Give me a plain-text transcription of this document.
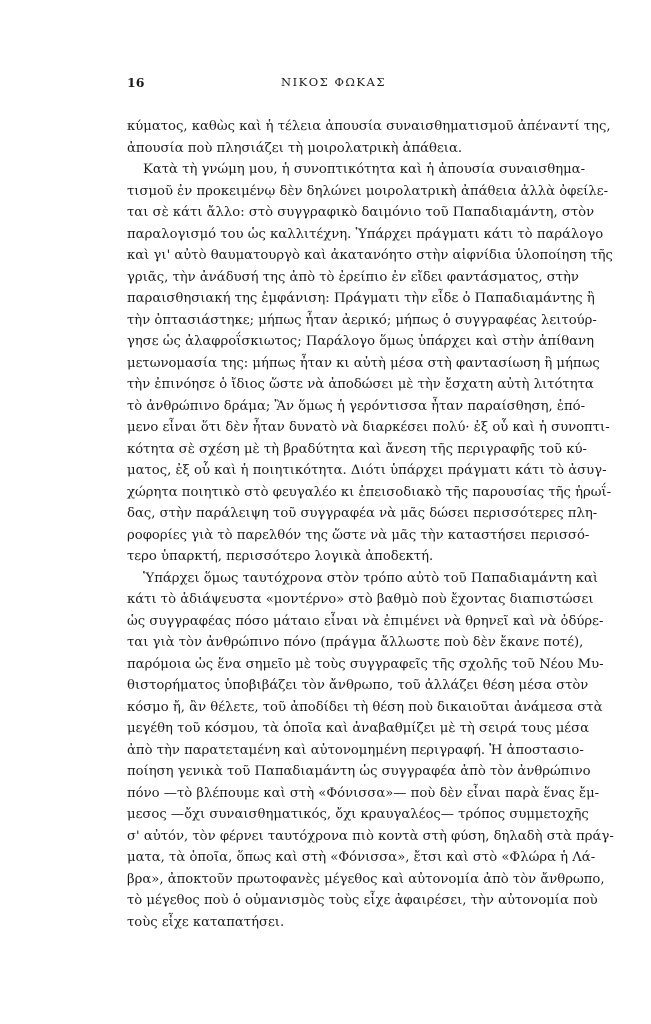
16	ΝΙΚΟΣ ΦΩΚΑΣ
κύματος, καθὼς καὶ ἡ τέλεια ἀπουσία συναισθηματισμοῦ ἀπέναντί της,
ἀπουσία ποὺ πλησιάζει τὴ μοιρολατρικὴ ἀπάθεια.
Κατὰ τὴ γνώμη μου, ἡ συνοπτικότητα καὶ ἡ ἀπουσία συναισθημα-
τισμοῦ ἐν προκειμένῳ δὲν δηλώνει μοιρολατρικὴ ἀπάθεια ἀλλὰ ὀφείλε-
ται σὲ κάτι ἄλλο: στὸ συγγραφικὸ δαιμόνιο τοῦ Παπαδιαμάντη, στὸν
παραλογισμό του ὡς καλλιτέχνη. Ὑπάρχει πράγματι κάτι τὸ παράλογο
καὶ γι' αὐτὸ θαυματουργὸ καὶ ἀκατανόητο στὴν αἰφνίδια ὑλοποίηση τῆς
γριᾶς, τὴν ἀνάδυσή της ἀπὸ τὸ ἐρείπιο ἐν εἴδει φαντάσματος, στὴν
παραισθησιακή της ἐμφάνιση: Πράγματι τὴν εἶδε ὁ Παπαδιαμάντης ἢ
τὴν ὀπτασιάστηκε; μήπως ἦταν ἀερικό; μήπως ὁ συγγραφέας λειτούρ-
γησε ὡς ἀλαφροΐσκιωτος; Παράλογο ὅμως ὑπάρχει καὶ στὴν ἀπίθανη
μετωνομασία της: μήπως ἦταν κι αὐτὴ μέσα στὴ φαντασίωση ἢ μήπως
τὴν ἐπινόησε ὁ ἴδιος ὥστε νὰ ἀποδώσει μὲ τὴν ἔσχατη αὐτὴ λιτότητα
τὸ ἀνθρώπινο δράμα; Ἂν ὅμως ἡ γερόντισσα ἦταν παραίσθηση, ἑπό-
μενο εἶναι ὅτι δὲν ἦταν δυνατὸ νὰ διαρκέσει πολύ· ἐξ οὗ καὶ ἡ συνοπτι-
κότητα σὲ σχέση μὲ τὴ βραδύτητα καὶ ἄνεση τῆς περιγραφῆς τοῦ κύ-
ματος, ἐξ οὗ καὶ ἡ ποιητικότητα. Διότι ὑπάρχει πράγματι κάτι τὸ ἀσυγ-
χώρητα ποιητικὸ στὸ φευγαλέο κι ἐπεισοδιακὸ τῆς παρουσίας τῆς ἡρωΐ-
δας, στὴν παράλειψη τοῦ συγγραφέα νὰ μᾶς δώσει περισσότερες πλη-
ροφορίες γιὰ τὸ παρελθόν της ὥστε νὰ μᾶς τὴν καταστήσει περισσό-
τερο ὑπαρκτή, περισσότερο λογικὰ ἀποδεκτή.
Ὑπάρχει ὅμως ταυτόχρονα στὸν τρόπο αὐτὸ τοῦ Παπαδιαμάντη καὶ
κάτι τὸ ἀδιάψευστα «μοντέρνο» στὸ βαθμὸ ποὺ ἔχοντας διαπιστώσει
ὡς συγγραφέας πόσο μάταιο εἶναι νὰ ἐπιμένει νὰ θρηνεῖ καὶ νὰ ὀδύρε-
ται γιὰ τὸν ἀνθρώπινο πόνο (πράγμα ἄλλωστε ποὺ δὲν ἔκανε ποτέ),
παρόμοια ὡς ἕνα σημεῖο μὲ τοὺς συγγραφεῖς τῆς σχολῆς τοῦ Νέου Μυ-
θιστορήματος ὑποβιβάζει τὸν ἄνθρωπο, τοῦ ἀλλάζει θέση μέσα στὸν
κόσμο ἤ, ἂν θέλετε, τοῦ ἀποδίδει τὴ θέση ποὺ δικαιοῦται ἀνάμεσα στὰ
μεγέθη τοῦ κόσμου, τὰ ὁποῖα καὶ ἀναβαθμίζει μὲ τὴ σειρά τους μέσα
ἀπὸ τὴν παρατεταμένη καὶ αὐτονομημένη περιγραφή. Ἡ ἀποστασιο-
ποίηση γενικὰ τοῦ Παπαδιαμάντη ὡς συγγραφέα ἀπὸ τὸν ἀνθρώπινο
πόνο —τὸ βλέπουμε καὶ στὴ «Φόνισσα»— ποὺ δὲν εἶναι παρὰ ἕνας ἔμ-
μεσος —ὄχι συναισθηματικός, ὄχι κραυγαλέος— τρόπος συμμετοχῆς
σ' αὐτόν, τὸν φέρνει ταυτόχρονα πιὸ κοντὰ στὴ φύση, δηλαδὴ στὰ πράγ-
ματα, τὰ ὁποῖα, ὅπως καὶ στὴ «Φόνισσα», ἔτσι καὶ στὸ «Φλώρα ἡ Λά-
βρα», ἀποκτοῦν πρωτοφανὲς μέγεθος καὶ αὐτονομία ἀπὸ τὸν ἄνθρωπο,
τὸ μέγεθος ποὺ ὁ οὐμανισμὸς τοὺς εἶχε ἀφαιρέσει, τὴν αὐτονομία ποὺ
τοὺς εἶχε καταπατήσει.
